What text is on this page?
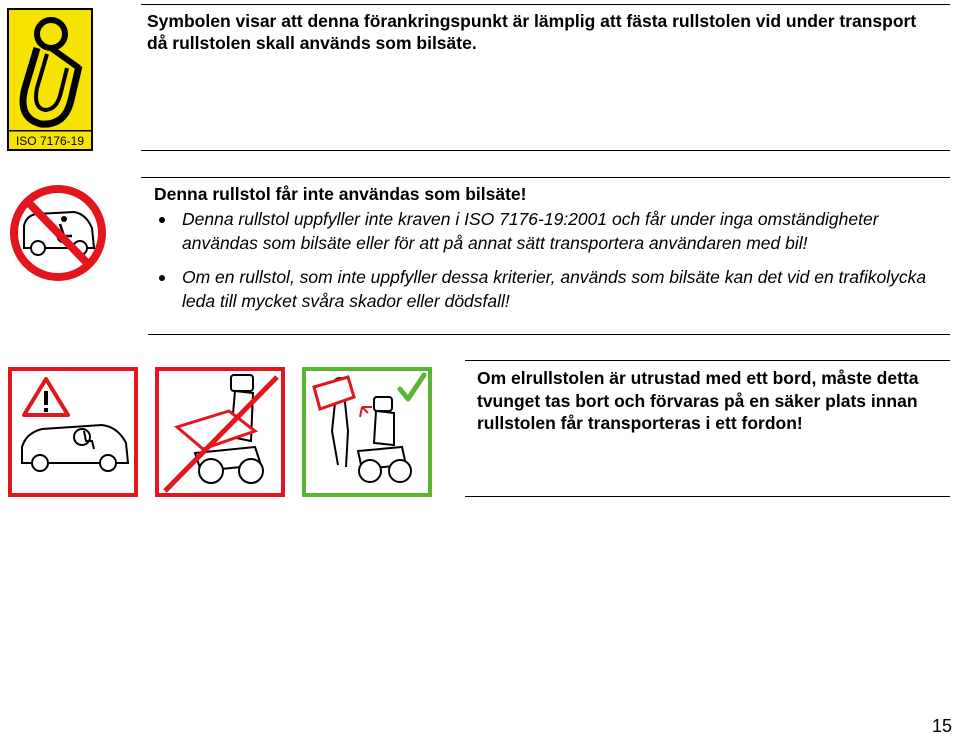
ISO 7176-19
Symbolen visar att denna förankringspunkt är lämplig att fästa rullstolen vid under transport då rullstolen skall används som bilsäte.
Denna rullstol får inte användas som bilsäte!
Denna rullstol uppfyller inte kraven i ISO 7176-19:2001 och får under inga omständigheter användas som bilsäte eller för att på annat sätt transportera användaren med bil!
Om en rullstol, som inte uppfyller dessa kriterier, används som bilsäte kan det vid en trafikolycka leda till mycket svåra skador eller dödsfall!
Om elrullstolen är utrustad med ett bord, måste detta tvunget tas bort och förvaras på en säker plats innan rullstolen får transporteras i ett fordon!
15
